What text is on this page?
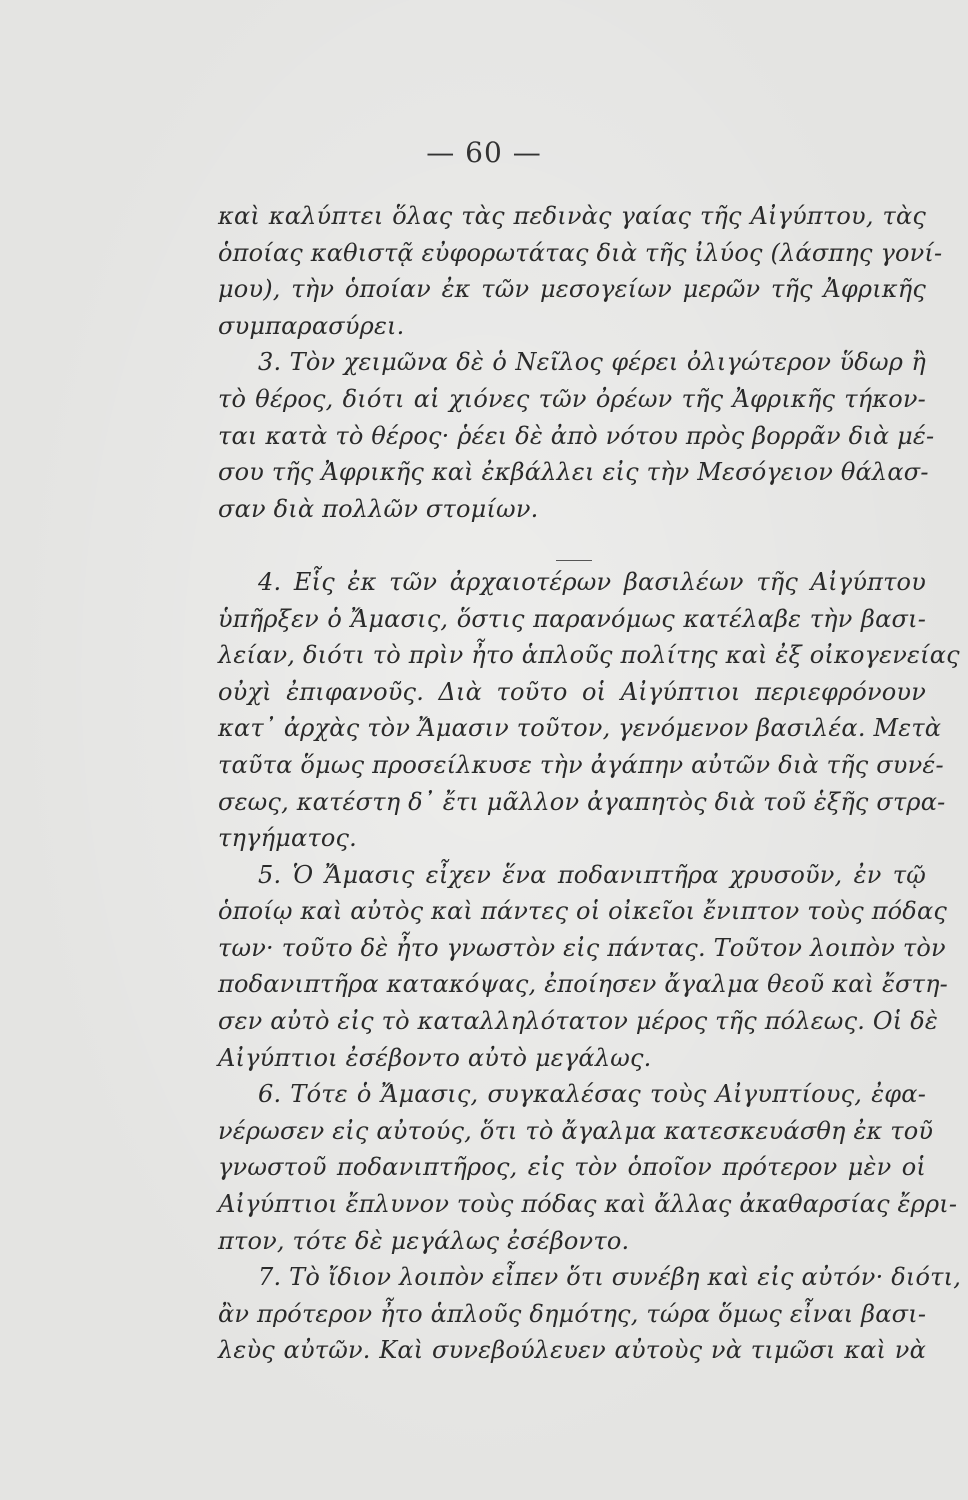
— 60 —
καὶ καλύπτει ὅλας τὰς πεδινὰς γαίας τῆς Αἰγύπτου, τὰς
ὁποίας καθιστᾷ εὐφορωτάτας διὰ τῆς ἰλύος (λάσπης γονί-
μου), τὴν ὁποίαν ἐκ τῶν μεσογείων μερῶν τῆς Ἀφρικῆς
συμπαρασύρει.
3. Τὸν χειμῶνα δὲ ὁ Νεῖλος φέρει ὀλιγώτερον ὕδωρ ἢ
τὸ θέρος, διότι αἱ χιόνες τῶν ὀρέων τῆς Ἀφρικῆς τήκον-
ται κατὰ τὸ θέρος· ῥέει δὲ ἀπὸ νότου πρὸς βορρᾶν διὰ μέ-
σου τῆς Ἀφρικῆς καὶ ἐκβάλλει εἰς τὴν Μεσόγειον θάλασ-
σαν διὰ πολλῶν στομίων.
4. Εἷς ἐκ τῶν ἀρχαιοτέρων βασιλέων τῆς Αἰγύπτου
ὑπῆρξεν ὁ Ἄμασις, ὅστις παρανόμως κατέλαβε τὴν βασι-
λείαν, διότι τὸ πρὶν ἦτο ἁπλοῦς πολίτης καὶ ἐξ οἰκογενείας
οὐχὶ ἐπιφανοῦς. Διὰ τοῦτο οἱ Αἰγύπτιοι περιεφρόνουν
κατ᾽ ἀρχὰς τὸν Ἄμασιν τοῦτον, γενόμενον βασιλέα. Μετὰ
ταῦτα ὅμως προσείλκυσε τὴν ἀγάπην αὐτῶν διὰ τῆς συνέ-
σεως, κατέστη δ᾽ ἔτι μᾶλλον ἀγαπητὸς διὰ τοῦ ἑξῆς στρα-
τηγήματος.
5. Ὁ Ἄμασις εἶχεν ἕνα ποδανιπτῆρα χρυσοῦν, ἐν τῷ
ὁποίῳ καὶ αὐτὸς καὶ πάντες οἱ οἰκεῖοι ἔνιπτον τοὺς πόδας
των· τοῦτο δὲ ἦτο γνωστὸν εἰς πάντας. Τοῦτον λοιπὸν τὸν
ποδανιπτῆρα κατακόψας, ἐποίησεν ἄγαλμα θεοῦ καὶ ἔστη-
σεν αὐτὸ εἰς τὸ καταλληλότατον μέρος τῆς πόλεως. Οἱ δὲ
Αἰγύπτιοι ἐσέβοντο αὐτὸ μεγάλως.
6. Τότε ὁ Ἄμασις, συγκαλέσας τοὺς Αἰγυπτίους, ἐφα-
νέρωσεν εἰς αὐτούς, ὅτι τὸ ἄγαλμα κατεσκευάσθη ἐκ τοῦ
γνωστοῦ ποδανιπτῆρος, εἰς τὸν ὁποῖον πρότερον μὲν οἱ
Αἰγύπτιοι ἔπλυνον τοὺς πόδας καὶ ἄλλας ἀκαθαρσίας ἔρρι-
πτον, τότε δὲ μεγάλως ἐσέβοντο.
7. Τὸ ἴδιον λοιπὸν εἶπεν ὅτι συνέβη καὶ εἰς αὐτόν· διότι,
ἂν πρότερον ἦτο ἁπλοῦς δημότης, τώρα ὅμως εἶναι βασι-
λεὺς αὐτῶν. Καὶ συνεβούλευεν αὐτοὺς νὰ τιμῶσι καὶ νὰ
